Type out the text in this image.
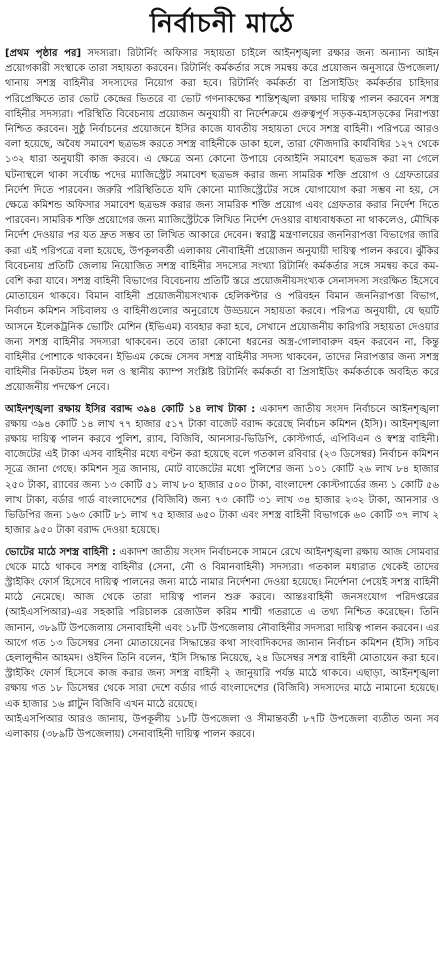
নির্বাচনী মাঠে

[প্রথম পৃষ্ঠার পর] সদস্যরা। রিটার্নিং অফিসার সহায়তা চাইলে আইনশৃঙ্খলা রক্ষার জন্য অন্যান্য আইন প্রয়োগকারী সংস্থাকে তারা সহায়তা করবেন। রিটার্নিং কর্মকর্তার সঙ্গে সমন্বয় করে প্রয়োজন অনুসারে উপজেলা/থানায় সশস্ত্র বাহিনীর সদস্যদের নিয়োগ করা হবে। রিটার্নিং কর্মকর্তা বা প্রিসাইডিং কর্মকর্তার চাহিদার পরিপ্রেক্ষিতে তার ভোট কেন্দ্রের ভিতরে বা ভোট গণনাকক্ষের শান্তিশৃঙ্খলা রক্ষায় দায়িত্ব পালন করবেন সশস্ত্র বাহিনীর সদস্যরা। পরিস্থিতি বিবেচনায় প্রয়োজন অনুযায়ী বা নির্দেশক্রমে গুরুত্বপূর্ণ সড়ক-মহাসড়কের নিরাপত্তা নিশ্চিত করবেন। সুষ্ঠু নির্বাচনের প্রয়োজনে ইসির কাজে যাবতীয় সহায়তা দেবে সশস্ত্র বাহিনী। পরিপত্রে আরও বলা হয়েছে, অবৈধ সমাবেশ ছত্রভঙ্গ করতে সশস্ত্র বাহিনীকে ডাকা হলে, তারা ফৌজদারি কার্যবিধির ১২৭ থেকে ১৩২ ধারা অনুযায়ী কাজ করবে। এ ক্ষেত্রে অন্য কোনো উপায়ে বেআইনি সমাবেশ ছত্রভঙ্গ করা না গেলে ঘটনাস্থলে থাকা সর্বোচ্চ পদের ম্যাজিস্ট্রেট সমাবেশ ছত্রভঙ্গ করার জন্য সামরিক শক্তি প্রয়োগ ও গ্রেফতারের নির্দেশ দিতে পারবেন। জরুরি পরিস্থিতিতে যদি কোনো ম্যাজিস্ট্রেটের সঙ্গে যোগাযোগ করা সম্ভব না হয়, সে ক্ষেত্রে কমিশন্ড অফিসার সমাবেশ ছত্রভঙ্গ করার জন্য সামরিক শক্তি প্রয়োগ এবং গ্রেফতার করার নির্দেশ দিতে পারবেন। সামরিক শক্তি প্রয়োগের জন্য ম্যাজিস্ট্রেটকে লিখিত নির্দেশ দেওয়ার বাধ্যবাধকতা না থাকলেও, মৌখিক নির্দেশ দেওয়ার পর যত দ্রুত সম্ভব তা লিখিত আকারে দেবেন। স্বরাষ্ট্র মন্ত্রণালয়ের জননিরাপত্তা বিভাগের জারি করা এই পরিপত্রে বলা হয়েছে, উপকূলবর্তী এলাকায় নৌবাহিনী প্রয়োজন অনুযায়ী দায়িত্ব পালন করবে। ঝুঁকির বিবেচনায় প্রতিটি জেলায় নিয়োজিত সশস্ত্র বাহিনীর সদস্যের সংখ্যা রিটার্নিং কর্মকর্তার সঙ্গে সমন্বয় করে কম-বেশি করা যাবে। সশস্ত্র বাহিনী বিভাগের বিবেচনায় প্রতিটি স্তরে প্রয়োজনীয়সংখ্যক সেনাসদস্য সংরক্ষিত হিসেবে মোতায়েন থাকবে। বিমান বাহিনী প্রয়োজনীয়সংখ্যক হেলিকপ্টার ও পরিবহন বিমান জননিরাপত্তা বিভাগ, নির্বাচন কমিশন সচিবালয় ও বাহিনীগুলোর অনুরোধে উড্ডয়নে সহায়তা করবে। পরিপত্র অনুযায়ী, যে ছয়টি আসনে ইলেকট্রনিক ভোটিং মেশিন (ইভিএম) ব্যবহার করা হবে, সেখানে প্রয়োজনীয় কারিগরি সহায়তা দেওয়ার জন্য সশস্ত্র বাহিনীর সদস্যরা থাকবেন। তবে তারা কোনো ধরনের অস্ত্র-গোলাবারুদ বহন করবেন না, কিন্তু বাহিনীর পোশাকে থাকবেন। ইভিএম কেন্দ্রে সেসব সশস্ত্র বাহিনীর সদস্য থাকবেন, তাদের নিরাপত্তার জন্য সশস্ত্র বাহিনীর নিকটতম টহল দল ও স্থানীয় ক্যাম্প সংশ্লিষ্ট রিটার্নিং কর্মকর্তা বা প্রিসাইডিং কর্মকর্তাকে অবহিত করে প্রয়োজনীয় পদক্ষেপ নেবে।

আইনশৃঙ্খলা রক্ষায় ইসির বরাদ্দ ৩৯৪ কোটি ১৪ লাখ টাকা : একাদশ জাতীয় সংসদ নির্বাচনে আইনশৃঙ্খলা রক্ষায় ৩৯৪ কোটি ১৪ লাখ ৭৭ হাজার ৫১৭ টাকা বাজেট বরাদ্দ করেছে নির্বাচন কমিশন (ইসি)। আইনশৃঙ্খলা রক্ষায় দায়িত্ব পালন করবে পুলিশ, র‌্যাব, বিজিবি, আনসার-ভিডিপি, কোস্টগার্ড, এপিবিএন ও স্বশস্ত্র বাহিনী। বাজেটের এই টাকা এসব বাহিনীর মধ্যে বণ্টন করা হয়েছে বলে গতকাল রবিবার (২৩ ডিসেম্বর) নির্বাচন কমিশন সূত্রে জানা গেছে। কমিশন সূত্র জানায়, মোট বাজেটের মধ্যে পুলিশের জন্য ১০১ কোটি ২৬ লাখ ৮৪ হাজার ২৫০ টাকা, র‌্যাবের জন্য ১৩ কোটি ৫১ লাখ ৮০ হাজার ৫০০ টাকা, বাংলাদেশ কোস্টগার্ডের জন্য ১ কোটি ৫৬ লাখ টাকা, বর্ডার গার্ড বাংলাদেশের (বিজিবি) জন্য ৭৩ কোটি ৩১ লাখ ৩৪ হাজার ২৩২ টাকা, আনসার ও ভিডিপির জন্য ১৬৩ কোটি ৮১ লাখ ৭৫ হাজার ৬৫০ টাকা এবং সশস্ত্র বাহিনী বিভাগকে ৬০ কোটি ৩৭ লাখ ২ হাজার ৯৫০ টাকা বরাদ্দ দেওয়া হয়েছে।

ভোটের মাঠে সশস্ত্র বাহিনী : একাদশ জাতীয় সংসদ নির্বাচনকে সামনে রেখে আইনশৃঙ্খলা রক্ষায় আজ সোমবার থেকে মাঠে থাকবে সশস্ত্র বাহিনীর (সেনা, নৌ ও বিমানবাহিনী) সদস্যরা। গতকাল মধ্যরাত থেকেই তাদের স্ট্রাইকিং ফোর্স হিসেবে দায়িত্ব পালনের জন্য মাঠে নামার নির্দেশনা দেওয়া হয়েছে। নির্দেশনা পেয়েই সশস্ত্র বাহিনী মাঠে নেমেছে। আজ থেকে তারা দায়িত্ব পালন শুরু করবে। আন্তঃবাহিনী জনসংযোগ পরিদপ্তরের (আইএসপিআর)-এর সহকারি পরিচালক রেজাউল করিম শাম্মী গতরাতে এ তথ্য নিশ্চিত করেছেন। তিনি জানান, ৩৮৯টি উপজেলায় সেনাবাহিনী এবং ১৮টি উপজেলায় নৌবাহিনীর সদস্যরা দায়িত্ব পালন করবেন। এর আগে গত ১৩ ডিসেম্বর সেনা মোতায়েনের সিদ্ধান্তের কথা সাংবাদিকদের জানান নির্বাচন কমিশন (ইসি) সচিব হেলালুদ্দীন আহমদ। ওইদিন তিনি বলেন, 'ইসি সিদ্ধান্ত নিয়েছে, ২৪ ডিসেম্বর সশস্ত্র বাহিনী মোতায়েন করা হবে। স্ট্রাইকিং ফোর্স হিসেবে কাজ করার জন্য সশস্ত্র বাহিনী ২ জানুয়ারি পর্যন্ত মাঠে থাকবে। এছাড়া, আইনশৃঙ্খলা রক্ষায় গত ১৮ ডিসেম্বর থেকে সারা দেশে বর্ডার গার্ড বাংলাদেশের (বিজিবি) সদস্যদের মাঠে নামানো হয়েছে। এক হাজার ১৬ প্লাটুন বিজিবি এখন মাঠে রয়েছে।

আইএসপিআর আরও জানায়, উপকূলীয় ১৮টি উপজেলা ও সীমান্তবর্তী ৮৭টি উপজেলা ব্যতীত অন্য সব এলাকায় (৩৮৯টি উপজেলায়) সেনাবাহিনী দায়িত্ব পালন করবে।
